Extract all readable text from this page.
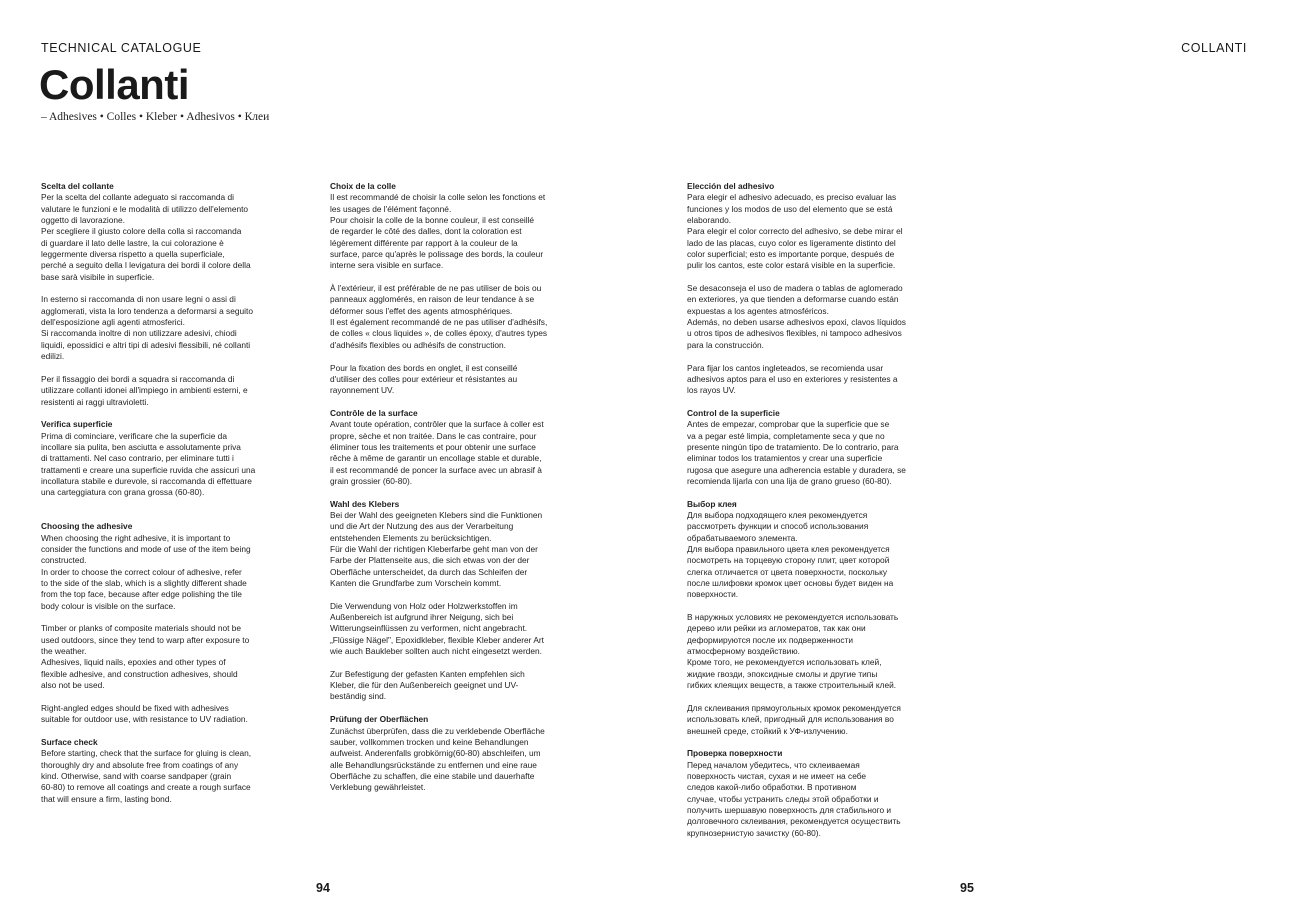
TECHNICAL CATALOGUE	COLLANTI
Collanti
– Adhesives • Colles • Kleber • Adhesivos • Клеи
Scelta del collante
Per la scelta del collante adeguato si raccomanda di
valutare le funzioni e le modalità di utilizzo dell'elemento
oggetto di lavorazione.
Per scegliere il giusto colore della colla si raccomanda
di guardare il lato delle lastre, la cui colorazione è
leggermente diversa rispetto a quella superficiale,
perché a seguito della l levigatura dei bordi il colore della
base sarà visibile in superficie.
In esterno si raccomanda di non usare legni o assi di
agglomerati, vista la loro tendenza a deformarsi a seguito
dell'esposizione agli agenti atmosferici.
Si raccomanda inoltre di non utilizzare adesivi, chiodi
liquidi, epossidici e altri tipi di adesivi flessibili, né collanti
edilizi.
Per il fissaggio dei bordi a squadra si raccomanda di
utilizzare collanti idonei all'impiego in ambienti esterni, e
resistenti ai raggi ultravioletti.
Verifica superficie
Prima di cominciare, verificare che la superficie da
incollare sia pulita, ben asciutta e assolutamente priva
di trattamenti. Nel caso contrario, per eliminare tutti i
trattamenti e creare una superficie ruvida che assicuri una
incollatura stabile e durevole, si raccomanda di effettuare
una carteggiatura con grana grossa (60-80).
Choosing the adhesive
When choosing the right adhesive, it is important to
consider the functions and mode of use of the item being
constructed.
In order to choose the correct colour of adhesive, refer
to the side of the slab, which is a slightly different shade
from the top face, because after edge polishing the tile
body colour is visible on the surface.
Timber or planks of composite materials should not be
used outdoors, since they tend to warp after exposure to
the weather.
Adhesives, liquid nails, epoxies and other types of
flexible adhesive, and construction adhesives, should
also not be used.
Right-angled edges should be fixed with adhesives
suitable for outdoor use, with resistance to UV radiation.
Surface check
Before starting, check that the surface for gluing is clean,
thoroughly dry and absolute free from coatings of any
kind. Otherwise, sand with coarse sandpaper (grain
60-80) to remove all coatings and create a rough surface
that will ensure a firm, lasting bond.
Choix de la colle
Il est recommandé de choisir la colle selon les fonctions et
les usages de l'élément façonné.
Pour choisir la colle de la bonne couleur, il est conseillé
de regarder le côté des dalles, dont la coloration est
légèrement différente par rapport à la couleur de la
surface, parce qu'après le polissage des bords, la couleur
interne sera visible en surface.
À l'extérieur, il est préférable de ne pas utiliser de bois ou
panneaux agglomérés, en raison de leur tendance à se
déformer sous l'effet des agents atmosphériques.
Il est également recommandé de ne pas utiliser d'adhésifs,
de colles « clous liquides », de colles époxy, d'autres types
d'adhésifs flexibles ou adhésifs de construction.
Pour la fixation des bords en onglet, il est conseillé
d'utiliser des colles pour extérieur et résistantes au
rayonnement UV.
Contrôle de la surface
Avant toute opération, contrôler que la surface à coller est
propre, sèche et non traitée. Dans le cas contraire, pour
éliminer tous les traitements et pour obtenir une surface
rêche à même de garantir un encollage stable et durable,
il est recommandé de poncer la surface avec un abrasif à
grain grossier (60-80).
Wahl des Klebers
Bei der Wahl des geeigneten Klebers sind die Funktionen
und die Art der Nutzung des aus der Verarbeitung
entstehenden Elements zu berücksichtigen.
Für die Wahl der richtigen Kleberfarbe geht man von der
Farbe der Plattenseite aus, die sich etwas von der der
Oberfläche unterscheidet, da durch das Schleifen der
Kanten die Grundfarbe zum Vorschein kommt.
Die Verwendung von Holz oder Holzwerkstoffen im
Außenbereich ist aufgrund ihrer Neigung, sich bei
Witterungseinflüssen zu verformen, nicht angebracht.
„Flüssige Nägel", Epoxidkleber, flexible Kleber anderer Art
wie auch Baukleber sollten auch nicht eingesetzt werden.
Zur Befestigung der gefasten Kanten empfehlen sich
Kleber, die für den Außenbereich geeignet und UV-
beständig sind.
Prüfung der Oberflächen
Zunächst überprüfen, dass die zu verklebende Oberfläche
sauber, vollkommen trocken und keine Behandlungen
aufweist. Anderenfalls grobkörnig(60-80) abschleifen, um
alle Behandlungsrückstände zu entfernen und eine raue
Oberfläche zu schaffen, die eine stabile und dauerhafte
Verklebung gewährleistet.
Elección del adhesivo
Para elegir el adhesivo adecuado, es preciso evaluar las
funciones y los modos de uso del elemento que se está
elaborando.
Para elegir el color correcto del adhesivo, se debe mirar el
lado de las placas, cuyo color es ligeramente distinto del
color superficial; esto es importante porque, después de
pulir los cantos, este color estará visible en la superficie.
Se desaconseja el uso de madera o tablas de aglomerado
en exteriores, ya que tienden a deformarse cuando están
expuestas a los agentes atmosféricos.
Además, no deben usarse adhesivos epoxi, clavos líquidos
u otros tipos de adhesivos flexibles, ni tampoco adhesivos
para la construcción.
Para fijar los cantos ingleteados, se recomienda usar
adhesivos aptos para el uso en exteriores y resistentes a
los rayos UV.
Control de la superficie
Antes de empezar, comprobar que la superficie que se
va a pegar esté limpia, completamente seca y que no
presente ningún tipo de tratamiento. De lo contrario, para
eliminar todos los tratamientos y crear una superficie
rugosa que asegure una adherencia estable y duradera, se
recomienda lijarla con una lija de grano grueso (60-80).
Выбор клея
Для выбора подходящего клея рекомендуется
рассмотреть функции и способ использования
обрабатываемого элемента.
Для выбора правильного цвета клея рекомендуется
посмотреть на торцевую сторону плит, цвет которой
слегка отличается от цвета поверхности, поскольку
после шлифовки кромок цвет основы будет виден на
поверхности.
В наружных условиях не рекомендуется использовать
дерево или рейки из агломератов, так как они
деформируются после их подверженности
атмосферному воздействию.
Кроме того, не рекомендуется использовать клей,
жидкие гвозди, эпоксидные смолы и другие типы
гибких клеящих веществ, а также строительный клей.
Для склеивания прямоугольных кромок рекомендуется
использовать клей, пригодный для использования во
внешней среде, стойкий к УФ-излучению.
Проверка поверхности
Перед началом убедитесь, что склеиваемая
поверхность чистая, сухая и не имеет на себе
следов какой-либо обработки. В противном
случае, чтобы устранить следы этой обработки и
получить шершавую поверхность для стабильного и
долговечного склеивания, рекомендуется осуществить
крупнозернистую зачистку (60-80).
94	95
